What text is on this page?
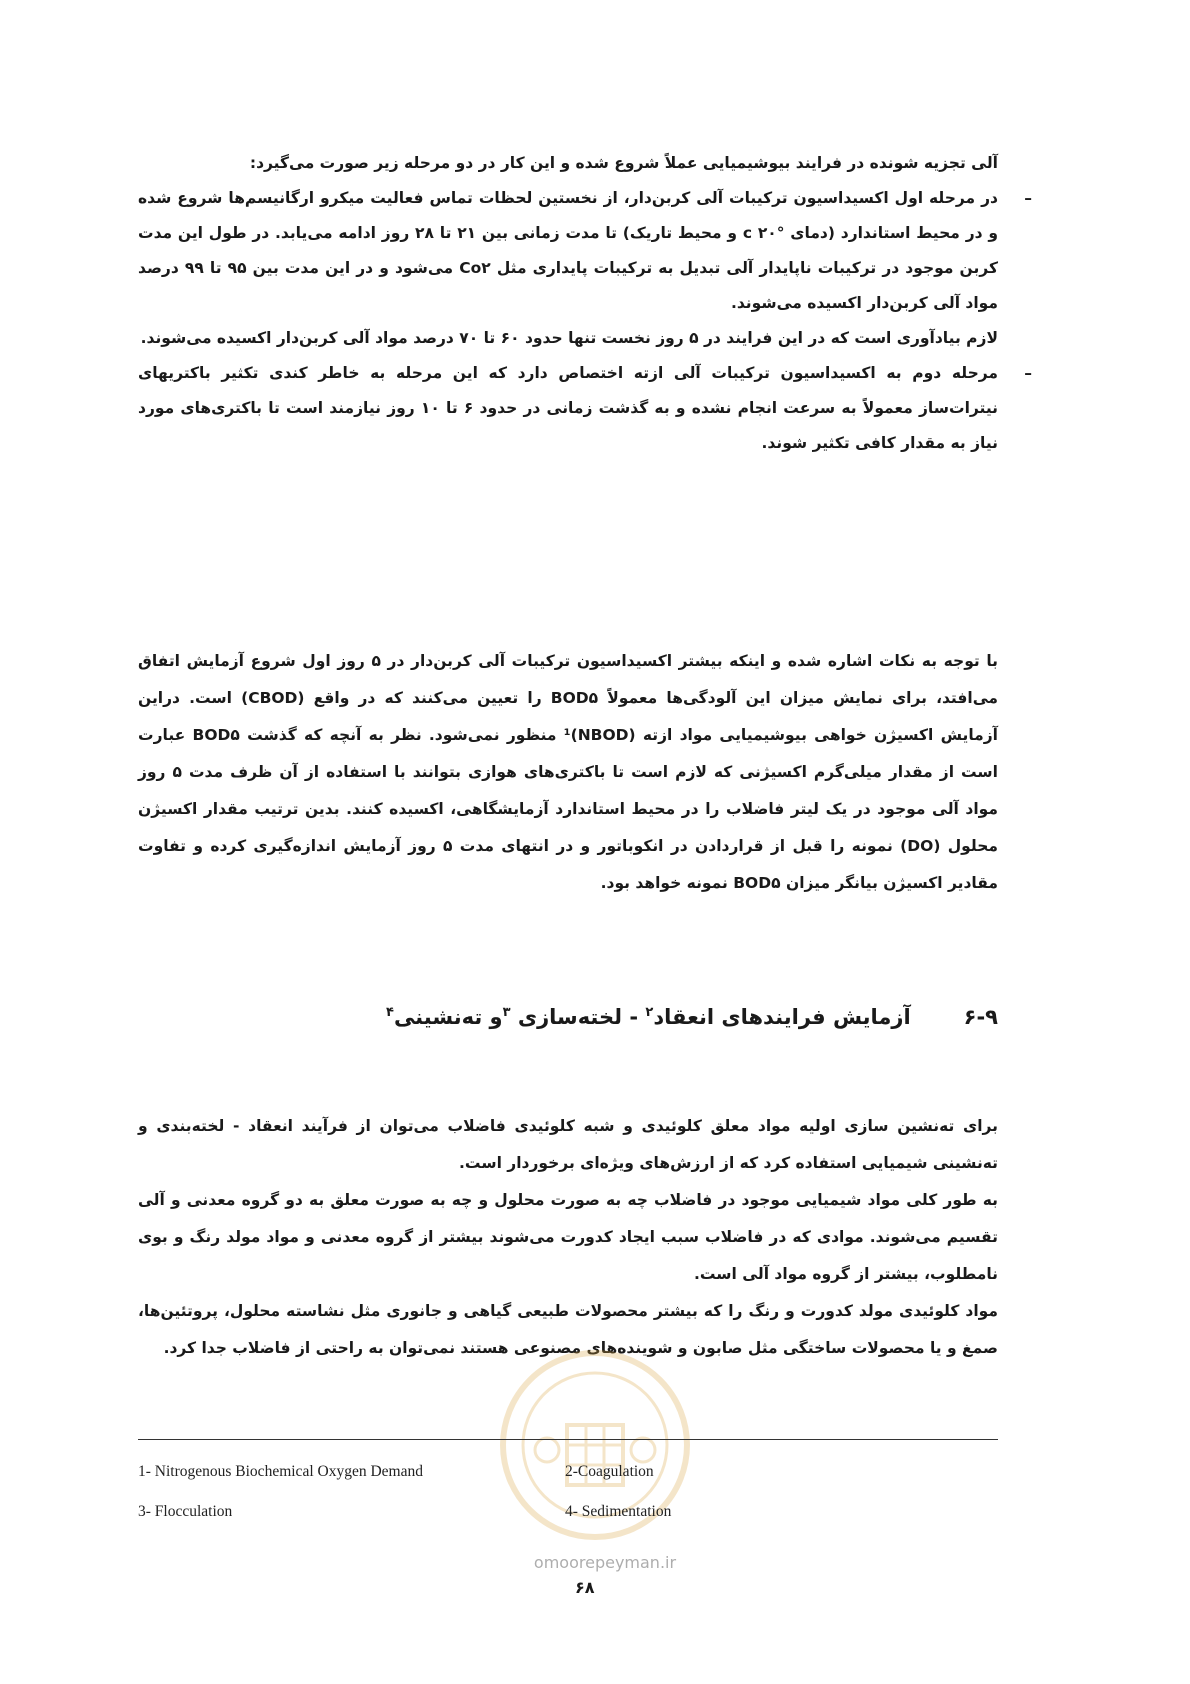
آلی تجزیه شونده در فرایند بیوشیمیایی عملاً شروع شده و این کار در دو مرحله زیر صورت می‌گیرد:

–
در مرحله اول اکسیداسیون ترکیبات آلی کربن‌دار، از نخستین لحظات تماس فعالیت میکرو ارگانیسم‌ها شروع شده و در محیط استاندارد (دمای °c ۲۰ و محیط تاریک) تا مدت زمانی بین ۲۱ تا ۲۸ روز ادامه می‌یابد. در طول این مدت کربن موجود در ترکیبات ناپایدار آلی تبدیل به ترکیبات پایداری مثل Co۲ می‌شود و در این مدت بین ۹۵ تا ۹۹ درصد مواد آلی کربن‌دار اکسیده می‌شوند.

لازم بیادآوری است که در این فرایند در ۵ روز نخست تنها حدود ۶۰ تا ۷۰ درصد مواد آلی کربن‌دار اکسیده می‌شوند.

–
مرحله دوم به اکسیداسیون ترکیبات آلی ازته اختصاص دارد که این مرحله به خاطر کندی تکثیر باکتریهای نیترات‌ساز معمولاً به سرعت انجام نشده و به گذشت زمانی در حدود ۶ تا ۱۰ روز نیازمند است تا باکتری‌های مورد نیاز به مقدار کافی تکثیر شوند.

با توجه به نکات اشاره شده و اینکه بیشتر اکسیداسیون ترکیبات آلی کربن‌دار در ۵ روز اول شروع آزمایش اتفاق می‌افتد، برای نمایش میزان این آلودگی‌ها معمولاً BOD۵ را تعیین می‌کنند که در واقع (CBOD) است. دراین آزمایش اکسیژن خواهی بیوشیمیایی مواد ازته (NBOD)¹ منظور نمی‌شود. نظر به آنچه که گذشت BOD۵ عبارت است از مقدار میلی‌گرم اکسیژنی که لازم است تا باکتری‌های هوازی بتوانند با استفاده از آن ظرف مدت ۵ روز مواد آلی موجود در یک لیتر فاضلاب را در محیط استاندارد آزمایشگاهی، اکسیده کنند. بدین ترتیب مقدار اکسیژن محلول (DO) نمونه را قبل از قراردادن در انکوباتور و در انتهای مدت ۵ روز آزمایش اندازه‌گیری کرده و تفاوت مقادیر اکسیژن بیانگر میزان BOD۵ نمونه خواهد بود.

۶-۹ آزمایش فرایندهای انعقاد$^۲$ - لخته‌سازی $^۳$و ته‌نشینی$^۴$

برای ته‌نشین سازی اولیه مواد معلق کلوئیدی و شبه کلوئیدی فاضلاب می‌توان از فرآیند انعقاد - لخته‌بندی و ته‌نشینی شیمیایی استفاده کرد که از ارزش‌های ویژه‌ای برخوردار است.

به طور کلی مواد شیمیایی موجود در فاضلاب چه به صورت محلول و چه به صورت معلق به دو گروه معدنی و آلی تقسیم می‌شوند. موادی که در فاضلاب سبب ایجاد کدورت می‌شوند بیشتر از گروه معدنی و مواد مولد رنگ و بوی نامطلوب، بیشتر از گروه مواد آلی است.

مواد کلوئیدی مولد کدورت و رنگ را که بیشتر محصولات طبیعی گیاهی و جانوری مثل نشاسته محلول، پروتئین‌ها، صمغ و یا محصولات ساختگی مثل صابون و شوینده‌های مصنوعی هستند نمی‌توان به راحتی از فاضلاب جدا کرد.

1- Nitrogenous Biochemical Oxygen Demand	2-Coagulation
3- Flocculation	4- Sedimentation
omoorepeyman.ir
۶۸
